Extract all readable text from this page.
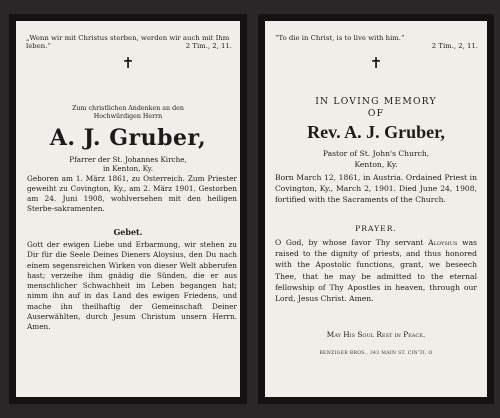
„Wenn wir mit Christus sterben, werden wir auch mit Ihm leben.“	2 Tim., 2, 11.
✝
Zum christlichen Andenken an den
Hochwürdigen Herrn
A. J. Gruber,
Pfarrer der St. Johannes Kirche,
in Kenton, Ky.
Geboren am 1. März 1861, zu Osterreich. Zum Priester geweiht zu Covington, Ky., am 2. März 1901. Gestorben am 24. Juni 1908, wohlversehen mit den heiligen Sterbe-sakramenten.
Gebet.
Gott der ewigen Liebe und Erbarmung, wir stehen zu Dir für die Seele Deines Dieners Aloysius, den Du nach einem segensreichen Wirken von dieser Welt abberufen hast; verzeihe ihm gnädig die Sünden, die er aus menschlicher Schwachheit im Leben begangen hat; nimm ihn auf in das Land des ewigen Friedens, und mache ihn theilhaftig der Gemeinschaft Deiner Auserwählten, durch Jesum Christum unsern Herrn. Amen.
“To die in Christ, is to live with him.”
2 Tim., 2, 11.
✝
IN LOVING MEMORY
OF
Rev. A. J. Gruber,
Pastor of St. John's Church,
Kenton, Ky.
Born March 12, 1861, in Austria. Ordained Priest in Covington, Ky., March 2, 1901. Died June 24, 1908, fortified with the Sacraments of the Church.
PRAYER.
O God, by whose favor Thy servant Aloysius was raised to the dignity of priests, and thus honored with the Apostolic functions, grant, we beseech Thee, that he may be admitted to the eternal fellowship of Thy Apostles in heaven, through our Lord, Jesus Christ. Amen.
May His Soul Rest in Peace.
BENZIGER BROS., 343 MAIN ST. CIN'TI, O
